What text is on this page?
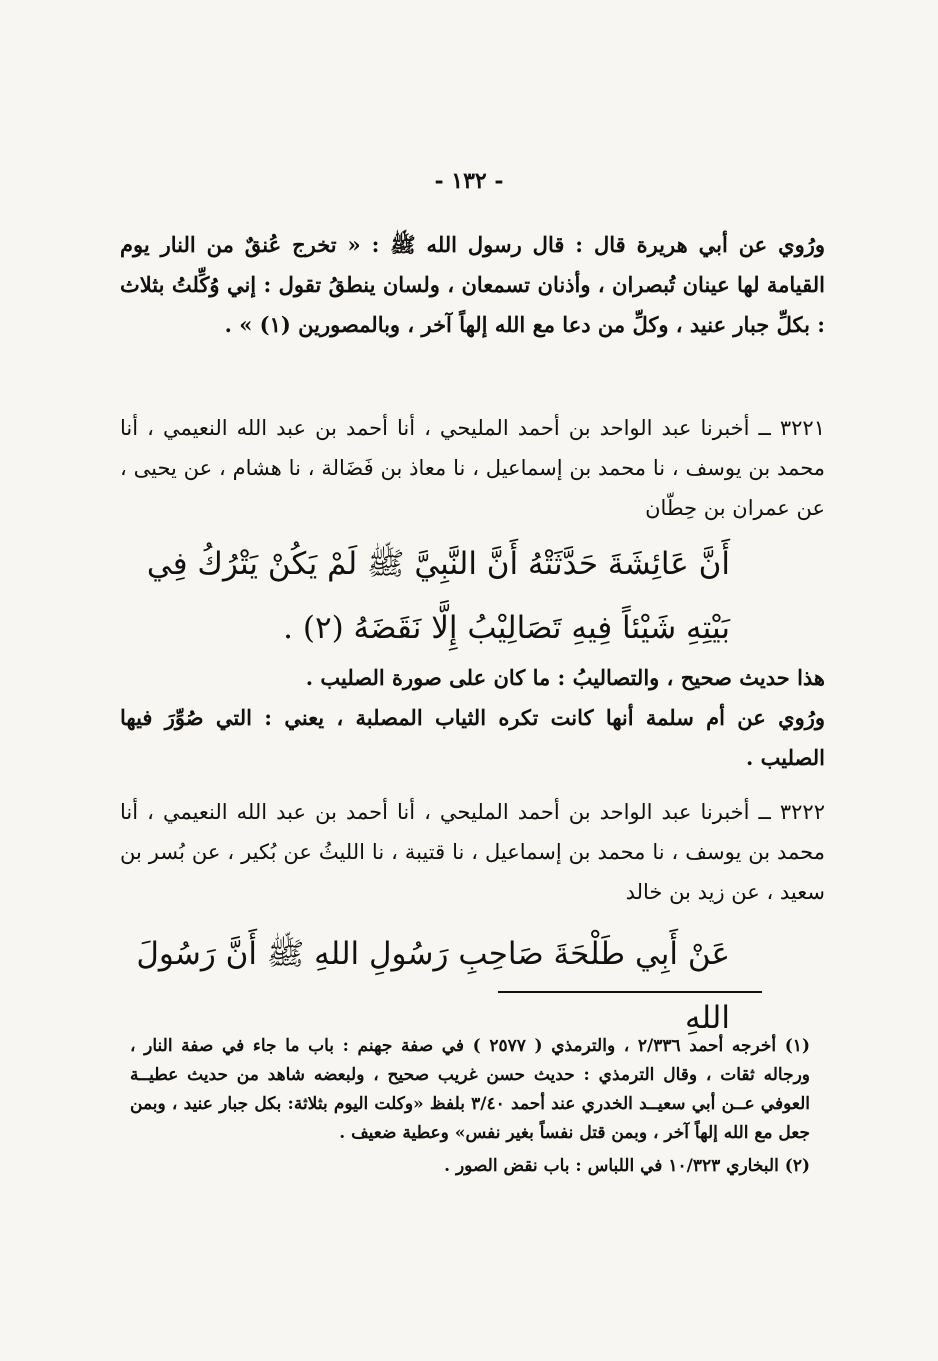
- ١٣٢ -
ورُوي عن أبي هريرة قال : قال رسول الله ﷺ : « تخرج عُنقٌ من النار يوم القيامة لها عينان تُبصران ، وأذنان تسمعان ، ولسان ينطقُ تقول : إني وُكِّلتُ بثلاث : بكلِّ جبار عنيد ، وكلِّ من دعا مع الله إلهاً آخر ، وبالمصورين (١) » .
٣٢٢١ ــ أخبرنا عبد الواحد بن أحمد المليحي ، أنا أحمد بن عبد الله النعيمي ، أنا محمد بن يوسف ، نا محمد بن إسماعيل ، نا معاذ بن فَضَالة ، نا هشام ، عن يحيى ، عن عمران بن حِطّان
أَنَّ عَائِشَةَ حَدَّثَتْهُ أَنَّ النَّبِيَّ ﷺ لَمْ يَكُنْ يَتْرُكُ فِي بَيْتِهِ شَيْئاً فِيهِ تَصَالِيْبُ إِلَّا نَقَضَهُ (٢) .
هذا حديث صحيح ، والتصاليبُ : ما كان على صورة الصليب .
ورُوي عن أم سلمة أنها كانت تكره الثياب المصلبة ، يعني : التي صُوِّرَ فيها الصليب .
٣٢٢٢ ــ أخبرنا عبد الواحد بن أحمد المليحي ، أنا أحمد بن عبد الله النعيمي ، أنا محمد بن يوسف ، نا محمد بن إسماعيل ، نا قتيبة ، نا الليثُ عن بُكير ، عن بُسر بن سعيد ، عن زيد بن خالد
عَنْ أَبِي طَلْحَةَ صَاحِبِ رَسُولِ اللهِ ﷺ أَنَّ رَسُولَ اللهِ

(١) أخرجه أحمد ٢/٣٣٦ ، والترمذي ( ٢٥٧٧ ) في صفة جهنم : باب ما جاء في صفة النار ، ورجاله ثقات ، وقال الترمذي : حديث حسن غريب صحيح ، ولبعضه شاهد من حديث عطيــة العوفي عــن أبي سعيــد الخدري عند أحمد ٣/٤٠ بلفظ «وكلت اليوم بثلاثة: بكل جبار عنيد ، وبمن جعل مع الله إلهاً آخر ، وبمن قتل نفساً بغير نفس» وعطية ضعيف .

(٢) البخاري ١٠/٣٢٣ في اللباس : باب نقض الصور .
